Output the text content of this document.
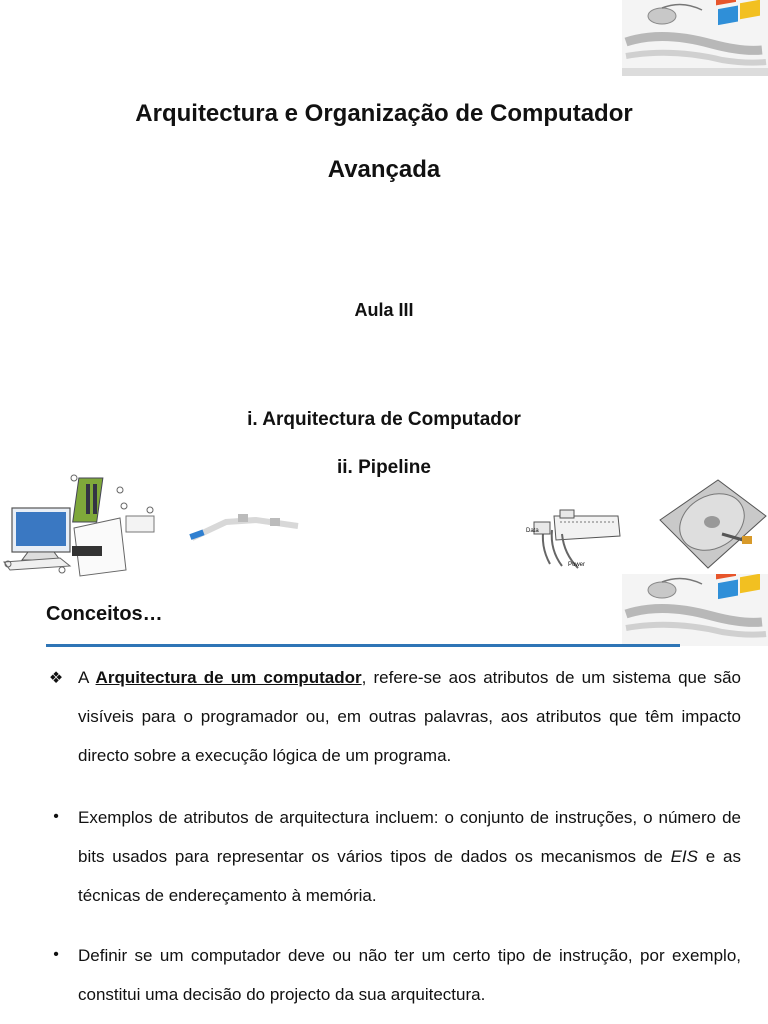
Arquitectura e Organização de Computador
Avançada
Aula III
i. Arquitectura de Computador
ii. Pipeline
Data
Power
Conceitos…
❖ A Arquitectura de um computador, refere-se aos atributos de um sistema que são visíveis para o programador ou, em outras palavras, aos atributos que têm impacto directo sobre a execução lógica de um programa.
•	Exemplos de atributos de arquitectura incluem: o conjunto de instruções, o número de bits usados para representar os vários tipos de dados os mecanismos de EIS e as técnicas de endereçamento à memória.
•	Definir se um computador deve ou não ter um certo tipo de instrução, por exemplo, constitui uma decisão do projecto da sua arquitectura.
